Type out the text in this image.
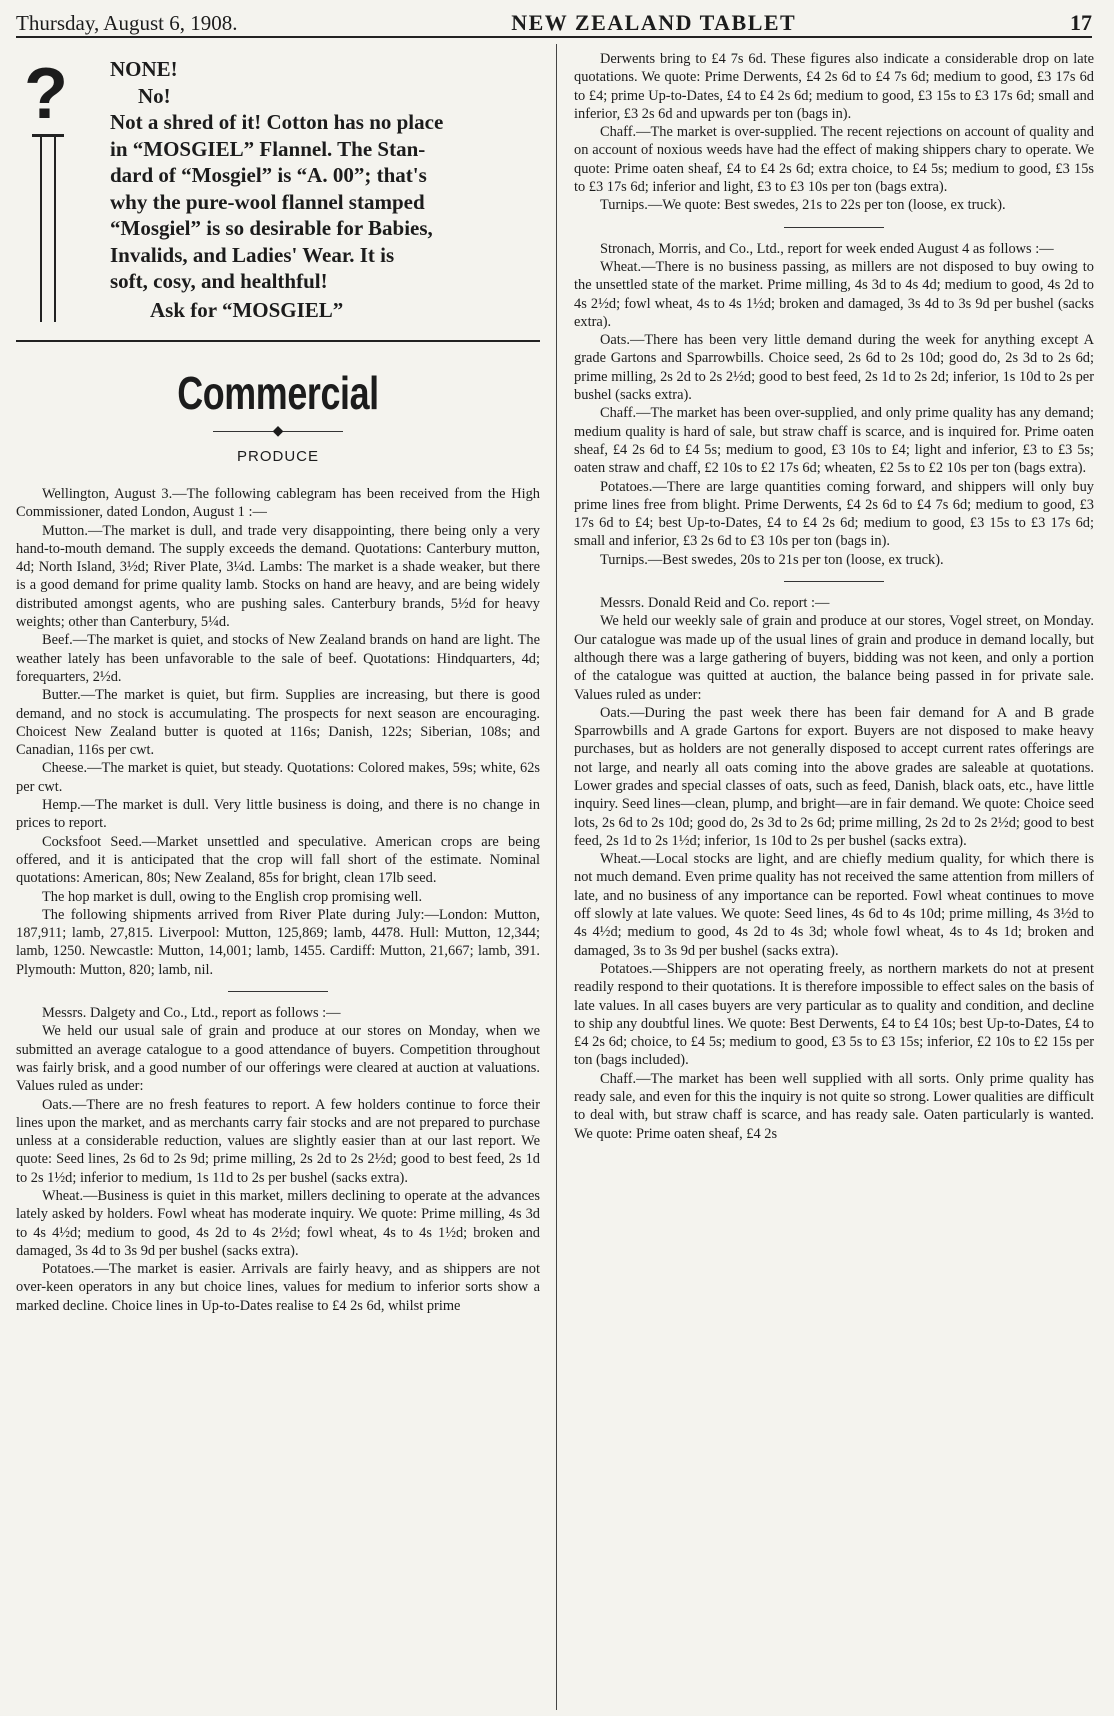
Thursday, August 6, 1908.	NEW ZEALAND TABLET	17
? NONE!
No!
Not a shred of it! Cotton has no place
in “MOSGIEL” Flannel. The Stan-
dard of “Mosgiel” is “A. 00”; that's
why the pure-wool flannel stamped
“Mosgiel” is so desirable for Babies,
Invalids, and Ladies' Wear. It is
soft, cosy, and healthful!
Ask for “MOSGIEL”
Commercial
◆
PRODUCE

Wellington, August 3.—The following cablegram has been received from the High Commissioner, dated London, August 1 :—

Mutton.—The market is dull, and trade very disappointing, there being only a very hand-to-mouth demand. The supply exceeds the demand. Quotations: Canterbury mutton, 4d; North Island, 3½d; River Plate, 3¼d. Lambs: The market is a shade weaker, but there is a good demand for prime quality lamb. Stocks on hand are heavy, and are being widely distributed amongst agents, who are pushing sales. Canterbury brands, 5½d for heavy weights; other than Canterbury, 5¼d.

Beef.—The market is quiet, and stocks of New Zealand brands on hand are light. The weather lately has been unfavorable to the sale of beef. Quotations: Hindquarters, 4d; forequarters, 2½d.

Butter.—The market is quiet, but firm. Supplies are increasing, but there is good demand, and no stock is accumulating. The prospects for next season are encouraging. Choicest New Zealand butter is quoted at 116s; Danish, 122s; Siberian, 108s; and Canadian, 116s per cwt.

Cheese.—The market is quiet, but steady. Quotations: Colored makes, 59s; white, 62s per cwt.

Hemp.—The market is dull. Very little business is doing, and there is no change in prices to report.

Cocksfoot Seed.—Market unsettled and speculative. American crops are being offered, and it is anticipated that the crop will fall short of the estimate. Nominal quotations: American, 80s; New Zealand, 85s for bright, clean 17lb seed.

The hop market is dull, owing to the English crop promising well.

The following shipments arrived from River Plate during July:—London: Mutton, 187,911; lamb, 27,815. Liverpool: Mutton, 125,869; lamb, 4478. Hull: Mutton, 12,344; lamb, 1250. Newcastle: Mutton, 14,001; lamb, 1455. Cardiff: Mutton, 21,667; lamb, 391. Plymouth: Mutton, 820; lamb, nil.

Messrs. Dalgety and Co., Ltd., report as follows :—

We held our usual sale of grain and produce at our stores on Monday, when we submitted an average catalogue to a good attendance of buyers. Competition throughout was fairly brisk, and a good number of our offerings were cleared at auction at valuations. Values ruled as under:

Oats.—There are no fresh features to report. A few holders continue to force their lines upon the market, and as merchants carry fair stocks and are not prepared to purchase unless at a considerable reduction, values are slightly easier than at our last report. We quote: Seed lines, 2s 6d to 2s 9d; prime milling, 2s 2d to 2s 2½d; good to best feed, 2s 1d to 2s 1½d; inferior to medium, 1s 11d to 2s per bushel (sacks extra).

Wheat.—Business is quiet in this market, millers declining to operate at the advances lately asked by holders. Fowl wheat has moderate inquiry. We quote: Prime milling, 4s 3d to 4s 4½d; medium to good, 4s 2d to 4s 2½d; fowl wheat, 4s to 4s 1½d; broken and damaged, 3s 4d to 3s 9d per bushel (sacks extra).

Potatoes.—The market is easier. Arrivals are fairly heavy, and as shippers are not over-keen operators in any but choice lines, values for medium to inferior sorts show a marked decline. Choice lines in Up-to-Dates realise to £4 2s 6d, whilst prime

Derwents bring to £4 7s 6d. These figures also indicate a considerable drop on late quotations. We quote: Prime Derwents, £4 2s 6d to £4 7s 6d; medium to good, £3 17s 6d to £4; prime Up-to-Dates, £4 to £4 2s 6d; medium to good, £3 15s to £3 17s 6d; small and inferior, £3 2s 6d and upwards per ton (bags in).

Chaff.—The market is over-supplied. The recent rejections on account of quality and on account of noxious weeds have had the effect of making shippers chary to operate. We quote: Prime oaten sheaf, £4 to £4 2s 6d; extra choice, to £4 5s; medium to good, £3 15s to £3 17s 6d; inferior and light, £3 to £3 10s per ton (bags extra).

Turnips.—We quote: Best swedes, 21s to 22s per ton (loose, ex truck).

Stronach, Morris, and Co., Ltd., report for week ended August 4 as follows :—

Wheat.—There is no business passing, as millers are not disposed to buy owing to the unsettled state of the market. Prime milling, 4s 3d to 4s 4d; medium to good, 4s 2d to 4s 2½d; fowl wheat, 4s to 4s 1½d; broken and damaged, 3s 4d to 3s 9d per bushel (sacks extra).

Oats.—There has been very little demand during the week for anything except A grade Gartons and Sparrowbills. Choice seed, 2s 6d to 2s 10d; good do, 2s 3d to 2s 6d; prime milling, 2s 2d to 2s 2½d; good to best feed, 2s 1d to 2s 2d; inferior, 1s 10d to 2s per bushel (sacks extra).

Chaff.—The market has been over-supplied, and only prime quality has any demand; medium quality is hard of sale, but straw chaff is scarce, and is inquired for. Prime oaten sheaf, £4 2s 6d to £4 5s; medium to good, £3 10s to £4; light and inferior, £3 to £3 5s; oaten straw and chaff, £2 10s to £2 17s 6d; wheaten, £2 5s to £2 10s per ton (bags extra).

Potatoes.—There are large quantities coming forward, and shippers will only buy prime lines free from blight. Prime Derwents, £4 2s 6d to £4 7s 6d; medium to good, £3 17s 6d to £4; best Up-to-Dates, £4 to £4 2s 6d; medium to good, £3 15s to £3 17s 6d; small and inferior, £3 2s 6d to £3 10s per ton (bags in).

Turnips.—Best swedes, 20s to 21s per ton (loose, ex truck).

Messrs. Donald Reid and Co. report :—

We held our weekly sale of grain and produce at our stores, Vogel street, on Monday. Our catalogue was made up of the usual lines of grain and produce in demand locally, but although there was a large gathering of buyers, bidding was not keen, and only a portion of the catalogue was quitted at auction, the balance being passed in for private sale. Values ruled as under:

Oats.—During the past week there has been fair demand for A and B grade Sparrowbills and A grade Gartons for export. Buyers are not disposed to make heavy purchases, but as holders are not generally disposed to accept current rates offerings are not large, and nearly all oats coming into the above grades are saleable at quotations. Lower grades and special classes of oats, such as feed, Danish, black oats, etc., have little inquiry. Seed lines—clean, plump, and bright—are in fair demand. We quote: Choice seed lots, 2s 6d to 2s 10d; good do, 2s 3d to 2s 6d; prime milling, 2s 2d to 2s 2½d; good to best feed, 2s 1d to 2s 1½d; inferior, 1s 10d to 2s per bushel (sacks extra).

Wheat.—Local stocks are light, and are chiefly medium quality, for which there is not much demand. Even prime quality has not received the same attention from millers of late, and no business of any importance can be reported. Fowl wheat continues to move off slowly at late values. We quote: Seed lines, 4s 6d to 4s 10d; prime milling, 4s 3½d to 4s 4½d; medium to good, 4s 2d to 4s 3d; whole fowl wheat, 4s to 4s 1d; broken and damaged, 3s to 3s 9d per bushel (sacks extra).

Potatoes.—Shippers are not operating freely, as northern markets do not at present readily respond to their quotations. It is therefore impossible to effect sales on the basis of late values. In all cases buyers are very particular as to quality and condition, and decline to ship any doubtful lines. We quote: Best Derwents, £4 to £4 10s; best Up-to-Dates, £4 to £4 2s 6d; choice, to £4 5s; medium to good, £3 5s to £3 15s; inferior, £2 10s to £2 15s per ton (bags included).

Chaff.—The market has been well supplied with all sorts. Only prime quality has ready sale, and even for this the inquiry is not quite so strong. Lower qualities are difficult to deal with, but straw chaff is scarce, and has ready sale. Oaten particularly is wanted. We quote: Prime oaten sheaf, £4 2s
